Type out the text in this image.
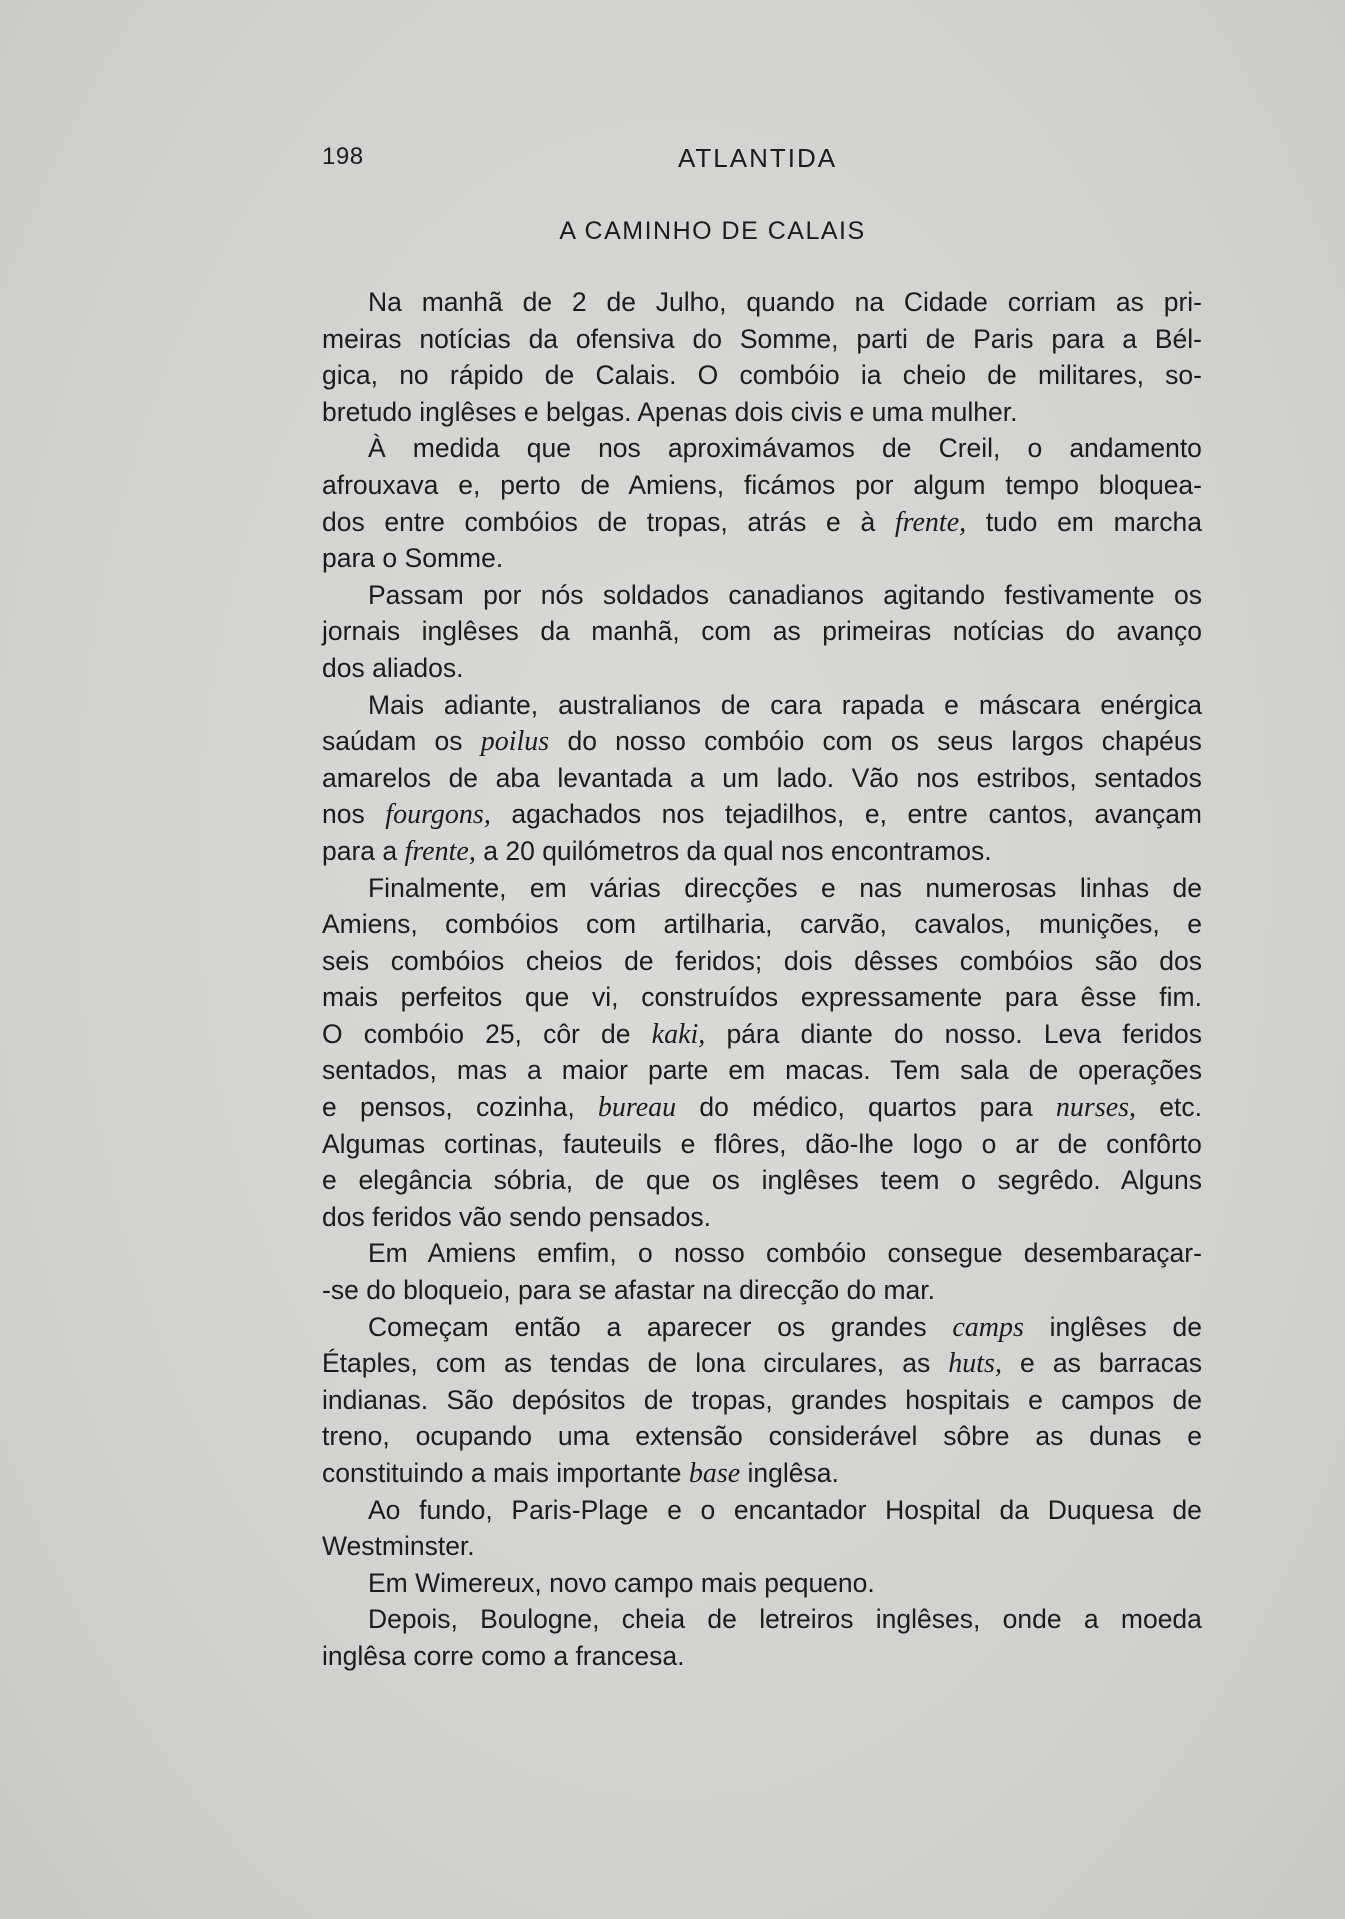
198	ATLANTIDA
A CAMINHO DE CALAIS
Na manhã de 2 de Julho, quando na Cidade corriam as pri-
meiras notícias da ofensiva do Somme, parti de Paris para a Bél-
gica, no rápido de Calais. O combóio ia cheio de militares, so-
bretudo inglêses e belgas. Apenas dois civis e uma mulher.
À medida que nos aproximávamos de Creil, o andamento
afrouxava e, perto de Amiens, ficámos por algum tempo bloquea-
dos entre combóios de tropas, atrás e à frente, tudo em marcha
para o Somme.
Passam por nós soldados canadianos agitando festivamente os
jornais inglêses da manhã, com as primeiras notícias do avanço
dos aliados.
Mais adiante, australianos de cara rapada e máscara enérgica
saúdam os poilus do nosso combóio com os seus largos chapéus
amarelos de aba levantada a um lado. Vão nos estribos, sentados
nos fourgons, agachados nos tejadilhos, e, entre cantos, avançam
para a frente, a 20 quilómetros da qual nos encontramos.
Finalmente, em várias direcções e nas numerosas linhas de
Amiens, combóios com artilharia, carvão, cavalos, munições, e
seis combóios cheios de feridos; dois dêsses combóios são dos
mais perfeitos que vi, construídos expressamente para êsse fim.
O combóio 25, côr de kaki, pára diante do nosso. Leva feridos
sentados, mas a maior parte em macas. Tem sala de operações
e pensos, cozinha, bureau do médico, quartos para nurses, etc.
Algumas cortinas, fauteuils e flôres, dão-lhe logo o ar de confôrto
e elegância sóbria, de que os inglêses teem o segrêdo. Alguns
dos feridos vão sendo pensados.
Em Amiens emfim, o nosso combóio consegue desembaraçar-
-se do bloqueio, para se afastar na direcção do mar.
Começam então a aparecer os grandes camps inglêses de
Étaples, com as tendas de lona circulares, as huts, e as barracas
indianas. São depósitos de tropas, grandes hospitais e campos de
treno, ocupando uma extensão considerável sôbre as dunas e
constituindo a mais importante base inglêsa.
Ao fundo, Paris-Plage e o encantador Hospital da Duquesa de
Westminster.
Em Wimereux, novo campo mais pequeno.
Depois, Boulogne, cheia de letreiros inglêses, onde a moeda
inglêsa corre como a francesa.
